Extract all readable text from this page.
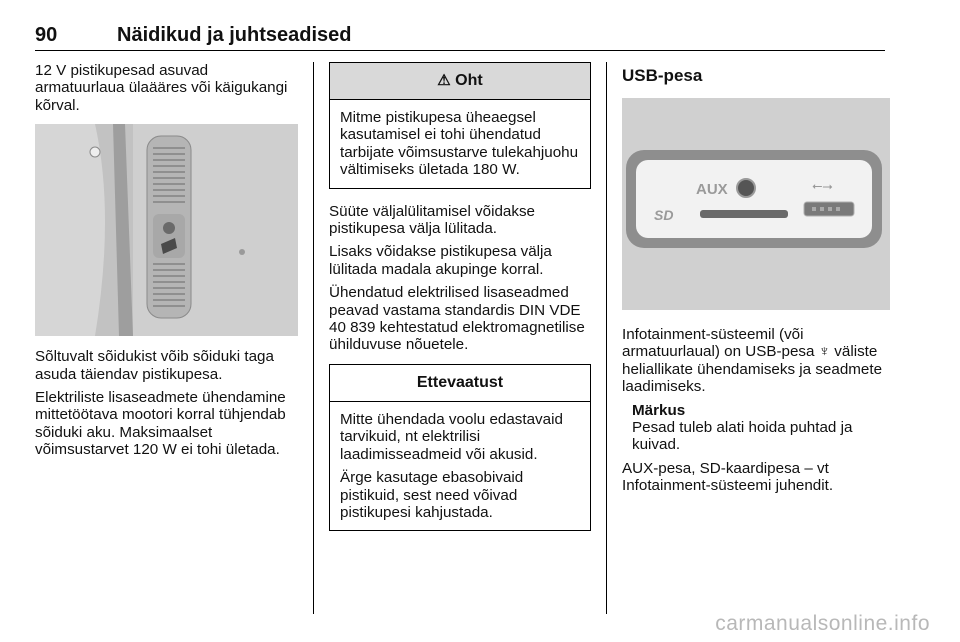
90	Näidikud ja juhtseadised

12 V pistikupesad asuvad armatuurlaua ülaääres või käigukangi kõrval.

Sõltuvalt sõidukist võib sõiduki taga asuda täiendav pistikupesa.

Elektriliste lisaseadmete ühendamine mittetöötava mootori korral tühjendab sõiduki aku. Maksimaalset võimsustarvet 120 W ei tohi ületada.

⚠ Oht

Mitme pistikupesa üheaegsel kasutamisel ei tohi ühendatud tarbijate võimsustarve tulekahjuohu vältimiseks ületada 180 W.

Süüte väljalülitamisel võidakse pistikupesa välja lülitada.

Lisaks võidakse pistikupesa välja lülitada madala akupinge korral.

Ühendatud elektrilised lisaseadmed peavad vastama standardis DIN VDE 40 839 kehtestatud elektromagnetilise ühilduvuse nõuetele.

Ettevaatust

Mitte ühendada voolu edastavaid tarvikuid, nt elektrilisi laadimisseadmeid või akusid.

Ärge kasutage ebasobivaid pistikuid, sest need võivad pistikupesi kahjustada.

USB-pesa
AUX
SD
⭠⭢

Infotainment-süsteemil (või armatuurlaual) on USB-pesa ♆ väliste heliallikate ühendamiseks ja seadmete laadimiseks.

Märkus

Pesad tuleb alati hoida puhtad ja kuivad.

AUX-pesa, SD-kaardipesa – vt Infotainment-süsteemi juhendit.

carmanualsonline.info
